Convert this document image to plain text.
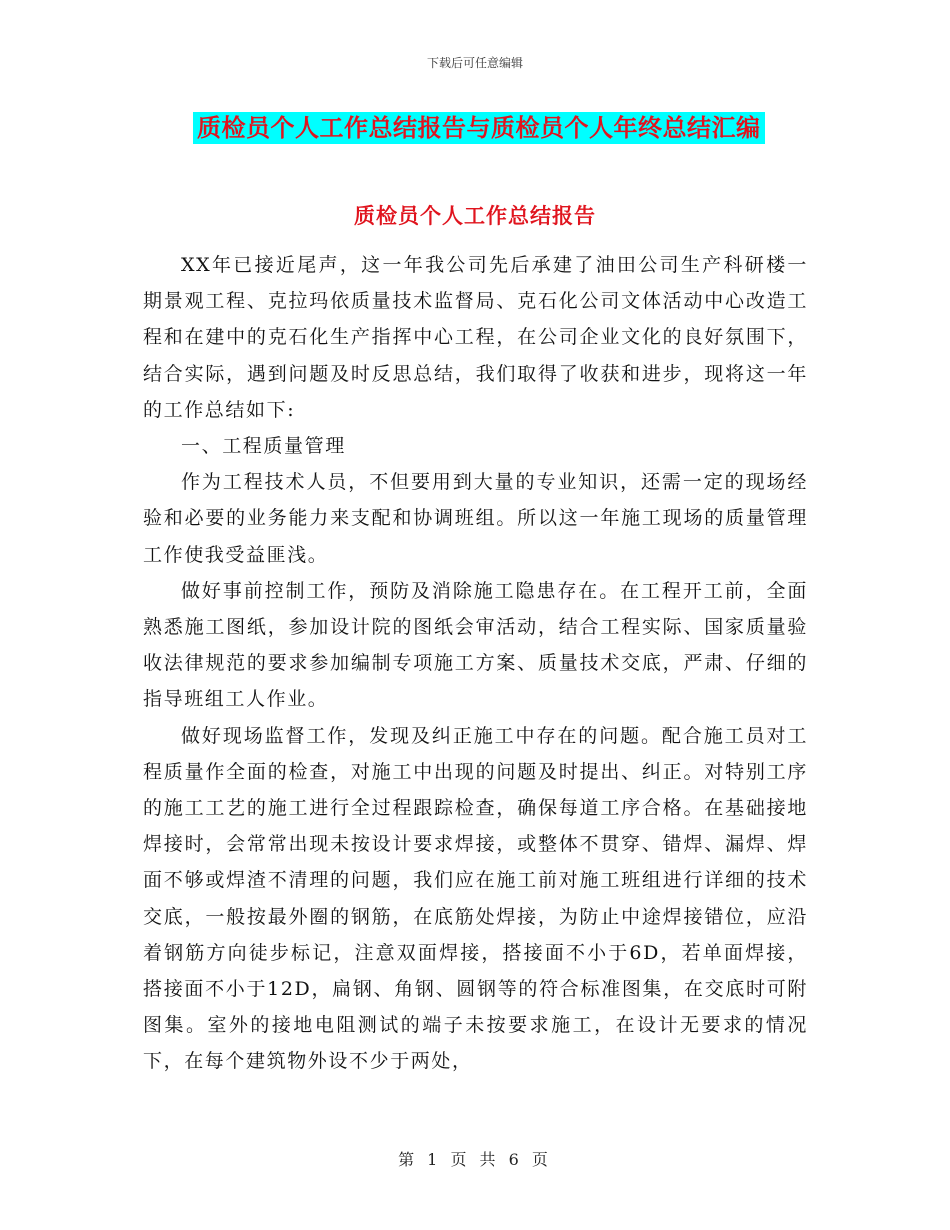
下载后可任意编辑
质检员个人工作总结报告与质检员个人年终总结汇编
质检员个人工作总结报告

XX年已接近尾声，这一年我公司先后承建了油田公司生产科研楼一期景观工程、克拉玛依质量技术监督局、克石化公司文体活动中心改造工程和在建中的克石化生产指挥中心工程，在公司企业文化的良好氛围下，结合实际，遇到问题及时反思总结，我们取得了收获和进步，现将这一年的工作总结如下:

一、工程质量管理

作为工程技术人员，不但要用到大量的专业知识，还需一定的现场经验和必要的业务能力来支配和协调班组。所以这一年施工现场的质量管理工作使我受益匪浅。

做好事前控制工作，预防及消除施工隐患存在。在工程开工前，全面熟悉施工图纸，参加设计院的图纸会审活动，结合工程实际、国家质量验收法律规范的要求参加编制专项施工方案、质量技术交底，严肃、仔细的指导班组工人作业。

做好现场监督工作，发现及纠正施工中存在的问题。配合施工员对工程质量作全面的检查，对施工中出现的问题及时提出、纠正。对特别工序的施工工艺的施工进行全过程跟踪检查，确保每道工序合格。在基础接地焊接时，会常常出现未按设计要求焊接，或整体不贯穿、错焊、漏焊、焊面不够或焊渣不清理的问题，我们应在施工前对施工班组进行详细的技术交底，一般按最外圈的钢筋，在底筋处焊接，为防止中途焊接错位，应沿着钢筋方向徒步标记，注意双面焊接，搭接面不小于6D，若单面焊接，搭接面不小于12D，扁钢、角钢、圆钢等的符合标准图集，在交底时可附图集。室外的接地电阻测试的端子未按要求施工，在设计无要求的情况下，在每个建筑物外设不少于两处，

第 1 页 共 6 页
